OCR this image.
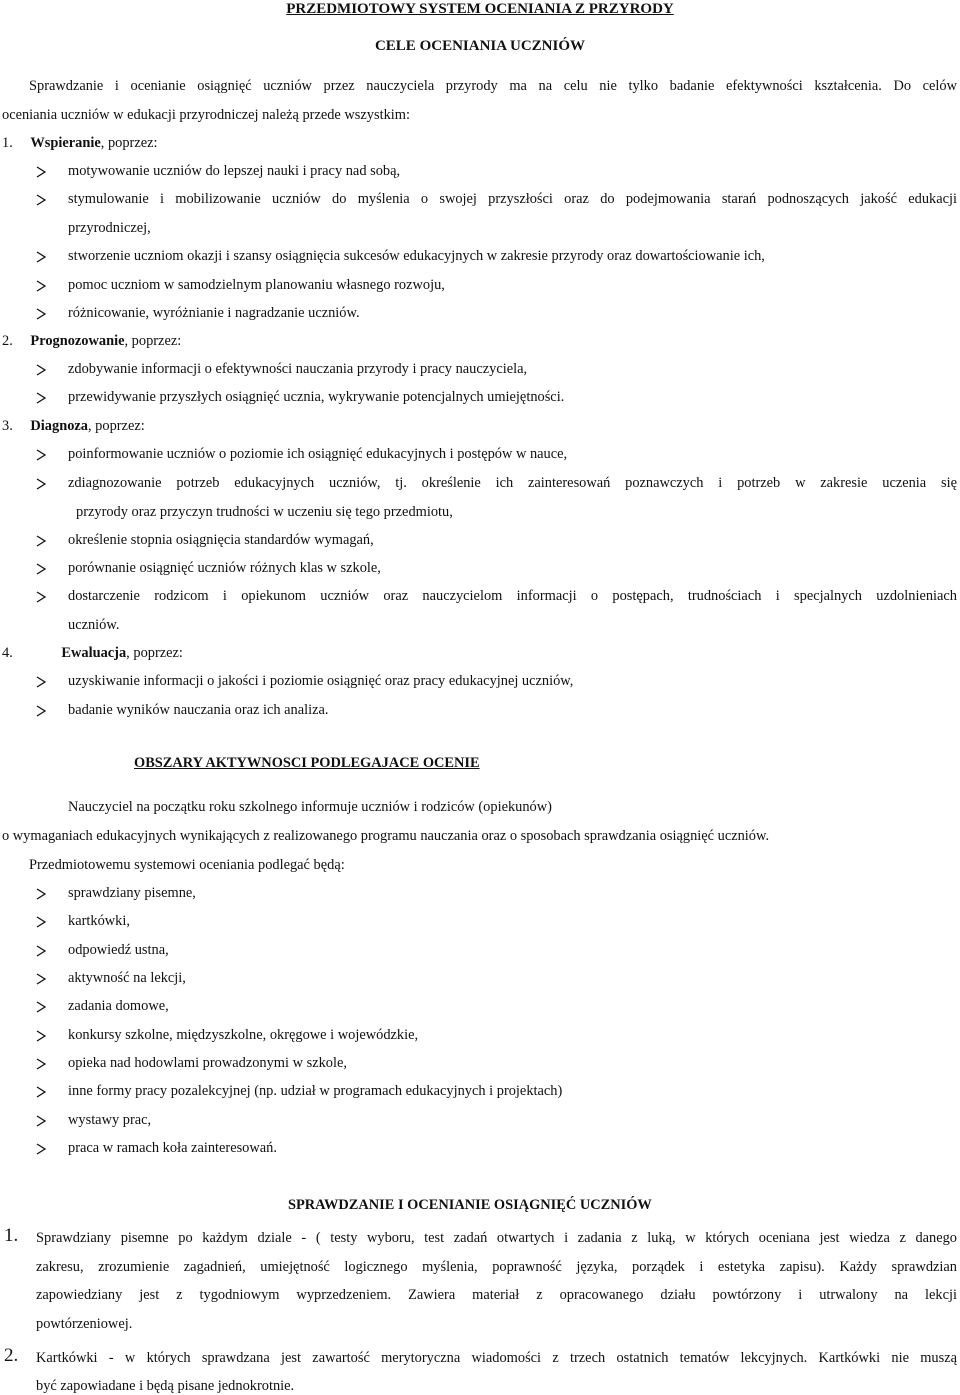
PRZEDMIOTOWY SYSTEM OCENIANIA Z PRZYRODY
CELE OCENIANIA UCZNIÓW
Sprawdzanie i ocenianie osiągnięć uczniów przez nauczyciela przyrody ma na celu nie tylko badanie efektywności kształcenia. Do celów
oceniania uczniów w edukacji przyrodniczej należą przede wszystkim:
1. Wspieranie, poprzez:
motywowanie uczniów do lepszej nauki i pracy nad sobą,
stymulowanie i mobilizowanie uczniów do myślenia o swojej przyszłości oraz do podejmowania starań podnoszących jakość edukacji
przyrodniczej,
stworzenie uczniom okazji i szansy osiągnięcia sukcesów edukacyjnych w zakresie przyrody oraz dowartościowanie ich,
pomoc uczniom w samodzielnym planowaniu własnego rozwoju,
różnicowanie, wyróżnianie i nagradzanie uczniów.
2. Prognozowanie, poprzez:
zdobywanie informacji o efektywności nauczania przyrody i pracy nauczyciela,
przewidywanie przyszłych osiągnięć ucznia, wykrywanie potencjalnych umiejętności.
3. Diagnoza, poprzez:
poinformowanie uczniów o poziomie ich osiągnięć edukacyjnych i postępów w nauce,
zdiagnozowanie potrzeb edukacyjnych uczniów, tj. określenie ich zainteresowań poznawczych i potrzeb w zakresie uczenia się
przyrody oraz przyczyn trudności w uczeniu się tego przedmiotu,
określenie stopnia osiągnięcia standardów wymagań,
porównanie osiągnięć uczniów różnych klas w szkole,
dostarczenie rodzicom i opiekunom uczniów oraz nauczycielom informacji o postępach, trudnościach i specjalnych uzdolnieniach
uczniów.
4.	Ewaluacja, poprzez:
uzyskiwanie informacji o jakości i poziomie osiągnięć oraz pracy edukacyjnej uczniów,
badanie wyników nauczania oraz ich analiza.
OBSZARY AKTYWNOSCI PODLEGAJACE OCENIE
Nauczyciel na początku roku szkolnego informuje uczniów i rodziców (opiekunów)
o wymaganiach edukacyjnych wynikających z realizowanego programu nauczania oraz o sposobach sprawdzania osiągnięć uczniów.
Przedmiotowemu systemowi oceniania podlegać będą:
sprawdziany pisemne,
kartkówki,
odpowiedź ustna,
aktywność na lekcji,
zadania domowe,
konkursy szkolne, międzyszkolne, okręgowe i wojewódzkie,
opieka nad hodowlami prowadzonymi w szkole,
inne formy pracy pozalekcyjnej (np. udział w programach edukacyjnych i projektach)
wystawy prac,
praca w ramach koła zainteresowań.
SPRAWDZANIE I OCENIANIE OSIĄGNIĘĆ UCZNIÓW
1. Sprawdziany pisemne po każdym dziale - ( testy wyboru, test zadań otwartych i zadania z luką, w których oceniana jest wiedza z danego
zakresu, zrozumienie zagadnień, umiejętność logicznego myślenia, poprawność języka, porządek i estetyka zapisu). Każdy sprawdzian
zapowiedziany jest z tygodniowym wyprzedzeniem. Zawiera materiał z opracowanego działu powtórzony i utrwalony na lekcji
powtórzeniowej.
2. Kartkówki - w których sprawdzana jest zawartość merytoryczna wiadomości z trzech ostatnich tematów lekcyjnych. Kartkówki nie muszą
być zapowiadane i będą pisane jednokrotnie.
